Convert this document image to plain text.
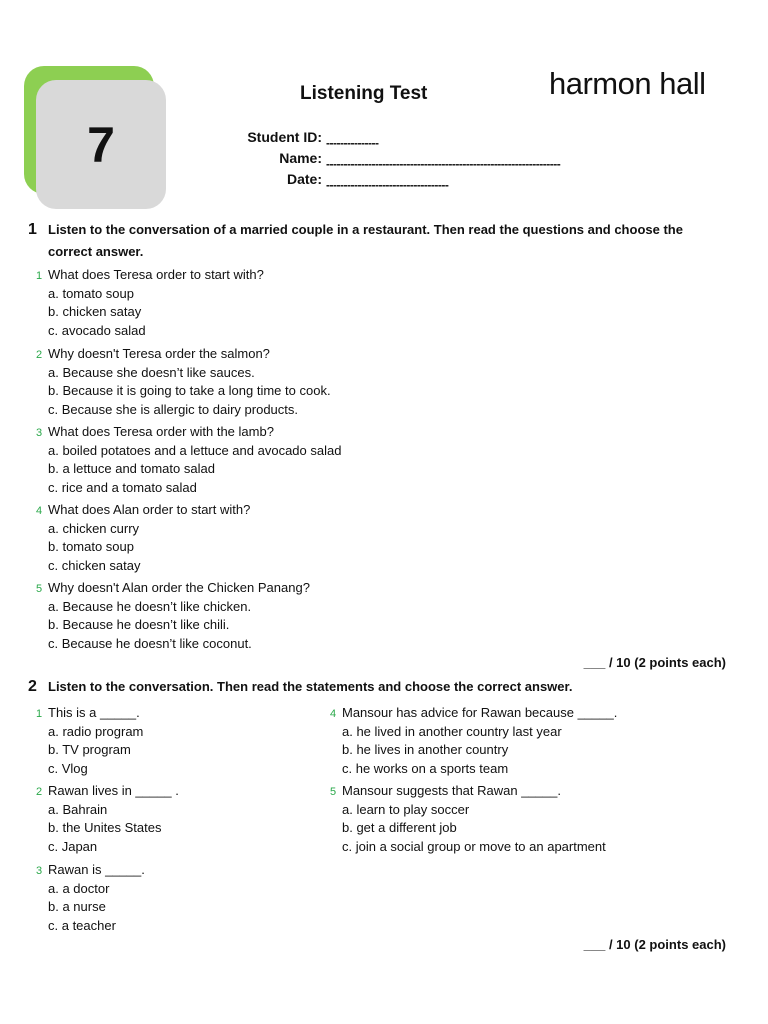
7
Listening Test	harmon hall
Student ID: ---------------
Name: -------------------------------------------------------------------
Date: -----------------------------------
1 Listen to the conversation of a married couple in a restaurant. Then read the questions and choose the correct answer.
1 What does Teresa order to start with?
a. tomato soup
b. chicken satay
c. avocado salad
2 Why doesn't Teresa order the salmon?
a. Because she doesn’t like sauces.
b. Because it is going to take a long time to cook.
c. Because she is allergic to dairy products.
3 What does Teresa order with the lamb?
a. boiled potatoes and a lettuce and avocado salad
b. a lettuce and tomato salad
c. rice and a tomato salad
4 What does Alan order to start with?
a. chicken curry
b. tomato soup
c. chicken satay
5 Why doesn't Alan order the Chicken Panang?
a. Because he doesn’t like chicken.
b. Because he doesn’t like chili.
c. Because he doesn’t like coconut.
___ / 10 (2 points each)
2 Listen to the conversation. Then read the statements and choose the correct answer.
1 This is a _____.
a. radio program
b. TV program
c. Vlog
2 Rawan lives in _____ .
a. Bahrain
b. the Unites States
c. Japan
3 Rawan is _____.
a. a doctor
b. a nurse
c. a teacher
4 Mansour has advice for Rawan because _____.
a. he lived in another country last year
b. he lives in another country
c. he works on a sports team
5 Mansour suggests that Rawan _____.
a. learn to play soccer
b. get a different job
c. join a social group or move to an apartment
___ / 10 (2 points each)
